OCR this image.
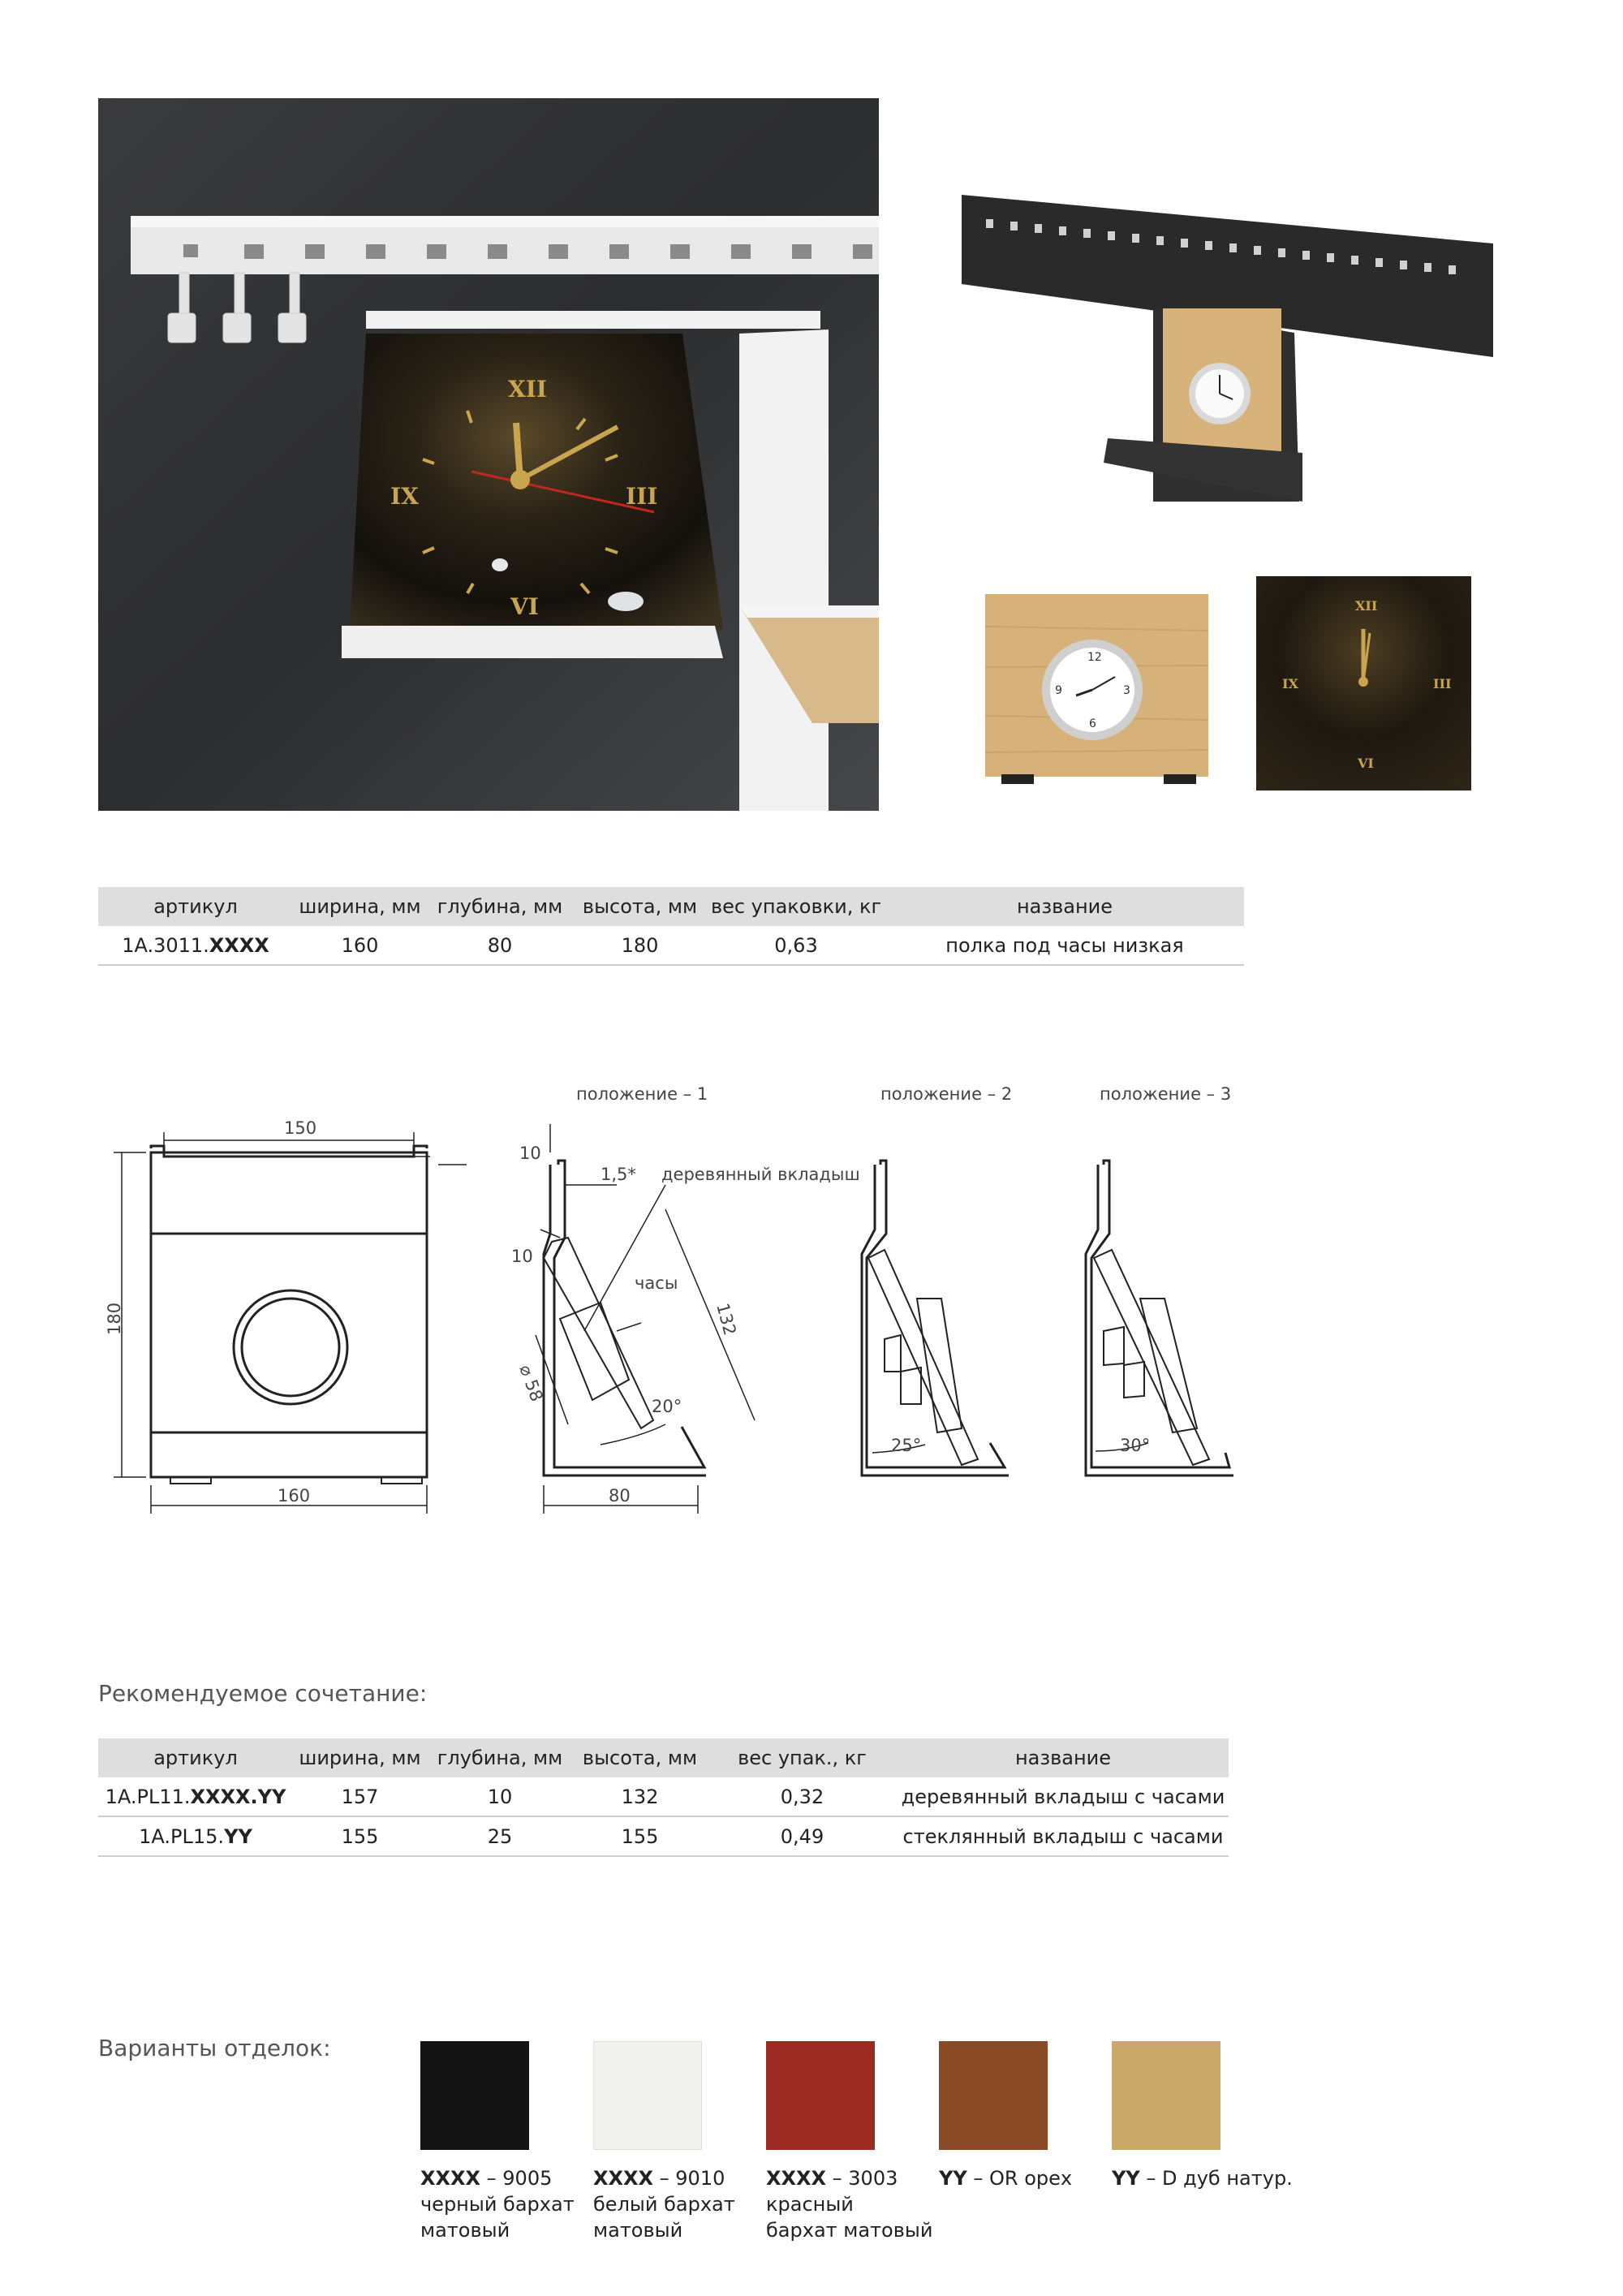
XII
III
VI
IX
12
3
6
9
XII
III
VI
IX
артикул	ширина, мм	глубина, мм	высота, мм	вес упаковки, кг	название
1A.3011.XXXX	160	80	180	0,63	полка под часы низкая
150
180
160
положение – 1
10
1,5* деревянный вкладыш
10
часы
132
⌀ 58
20°
80
положение – 2
25°
положение – 3
30°
Рекомендуемое сочетание:
артикул	ширина, мм	глубина, мм	высота, мм	вес упак., кг	название
1A.PL11.XXXX.YY	157	10	132	0,32	деревянный вкладыш с часами
1A.PL15.YY	155	25	155	0,49	стеклянный вкладыш с часами
Варианты отделок:
XXXX – 9005
черный бархат
матовый
XXXX – 9010
белый бархат
матовый
XXXX – 3003
красный
бархат матовый
YY – OR орех	YY – D дуб натур.
